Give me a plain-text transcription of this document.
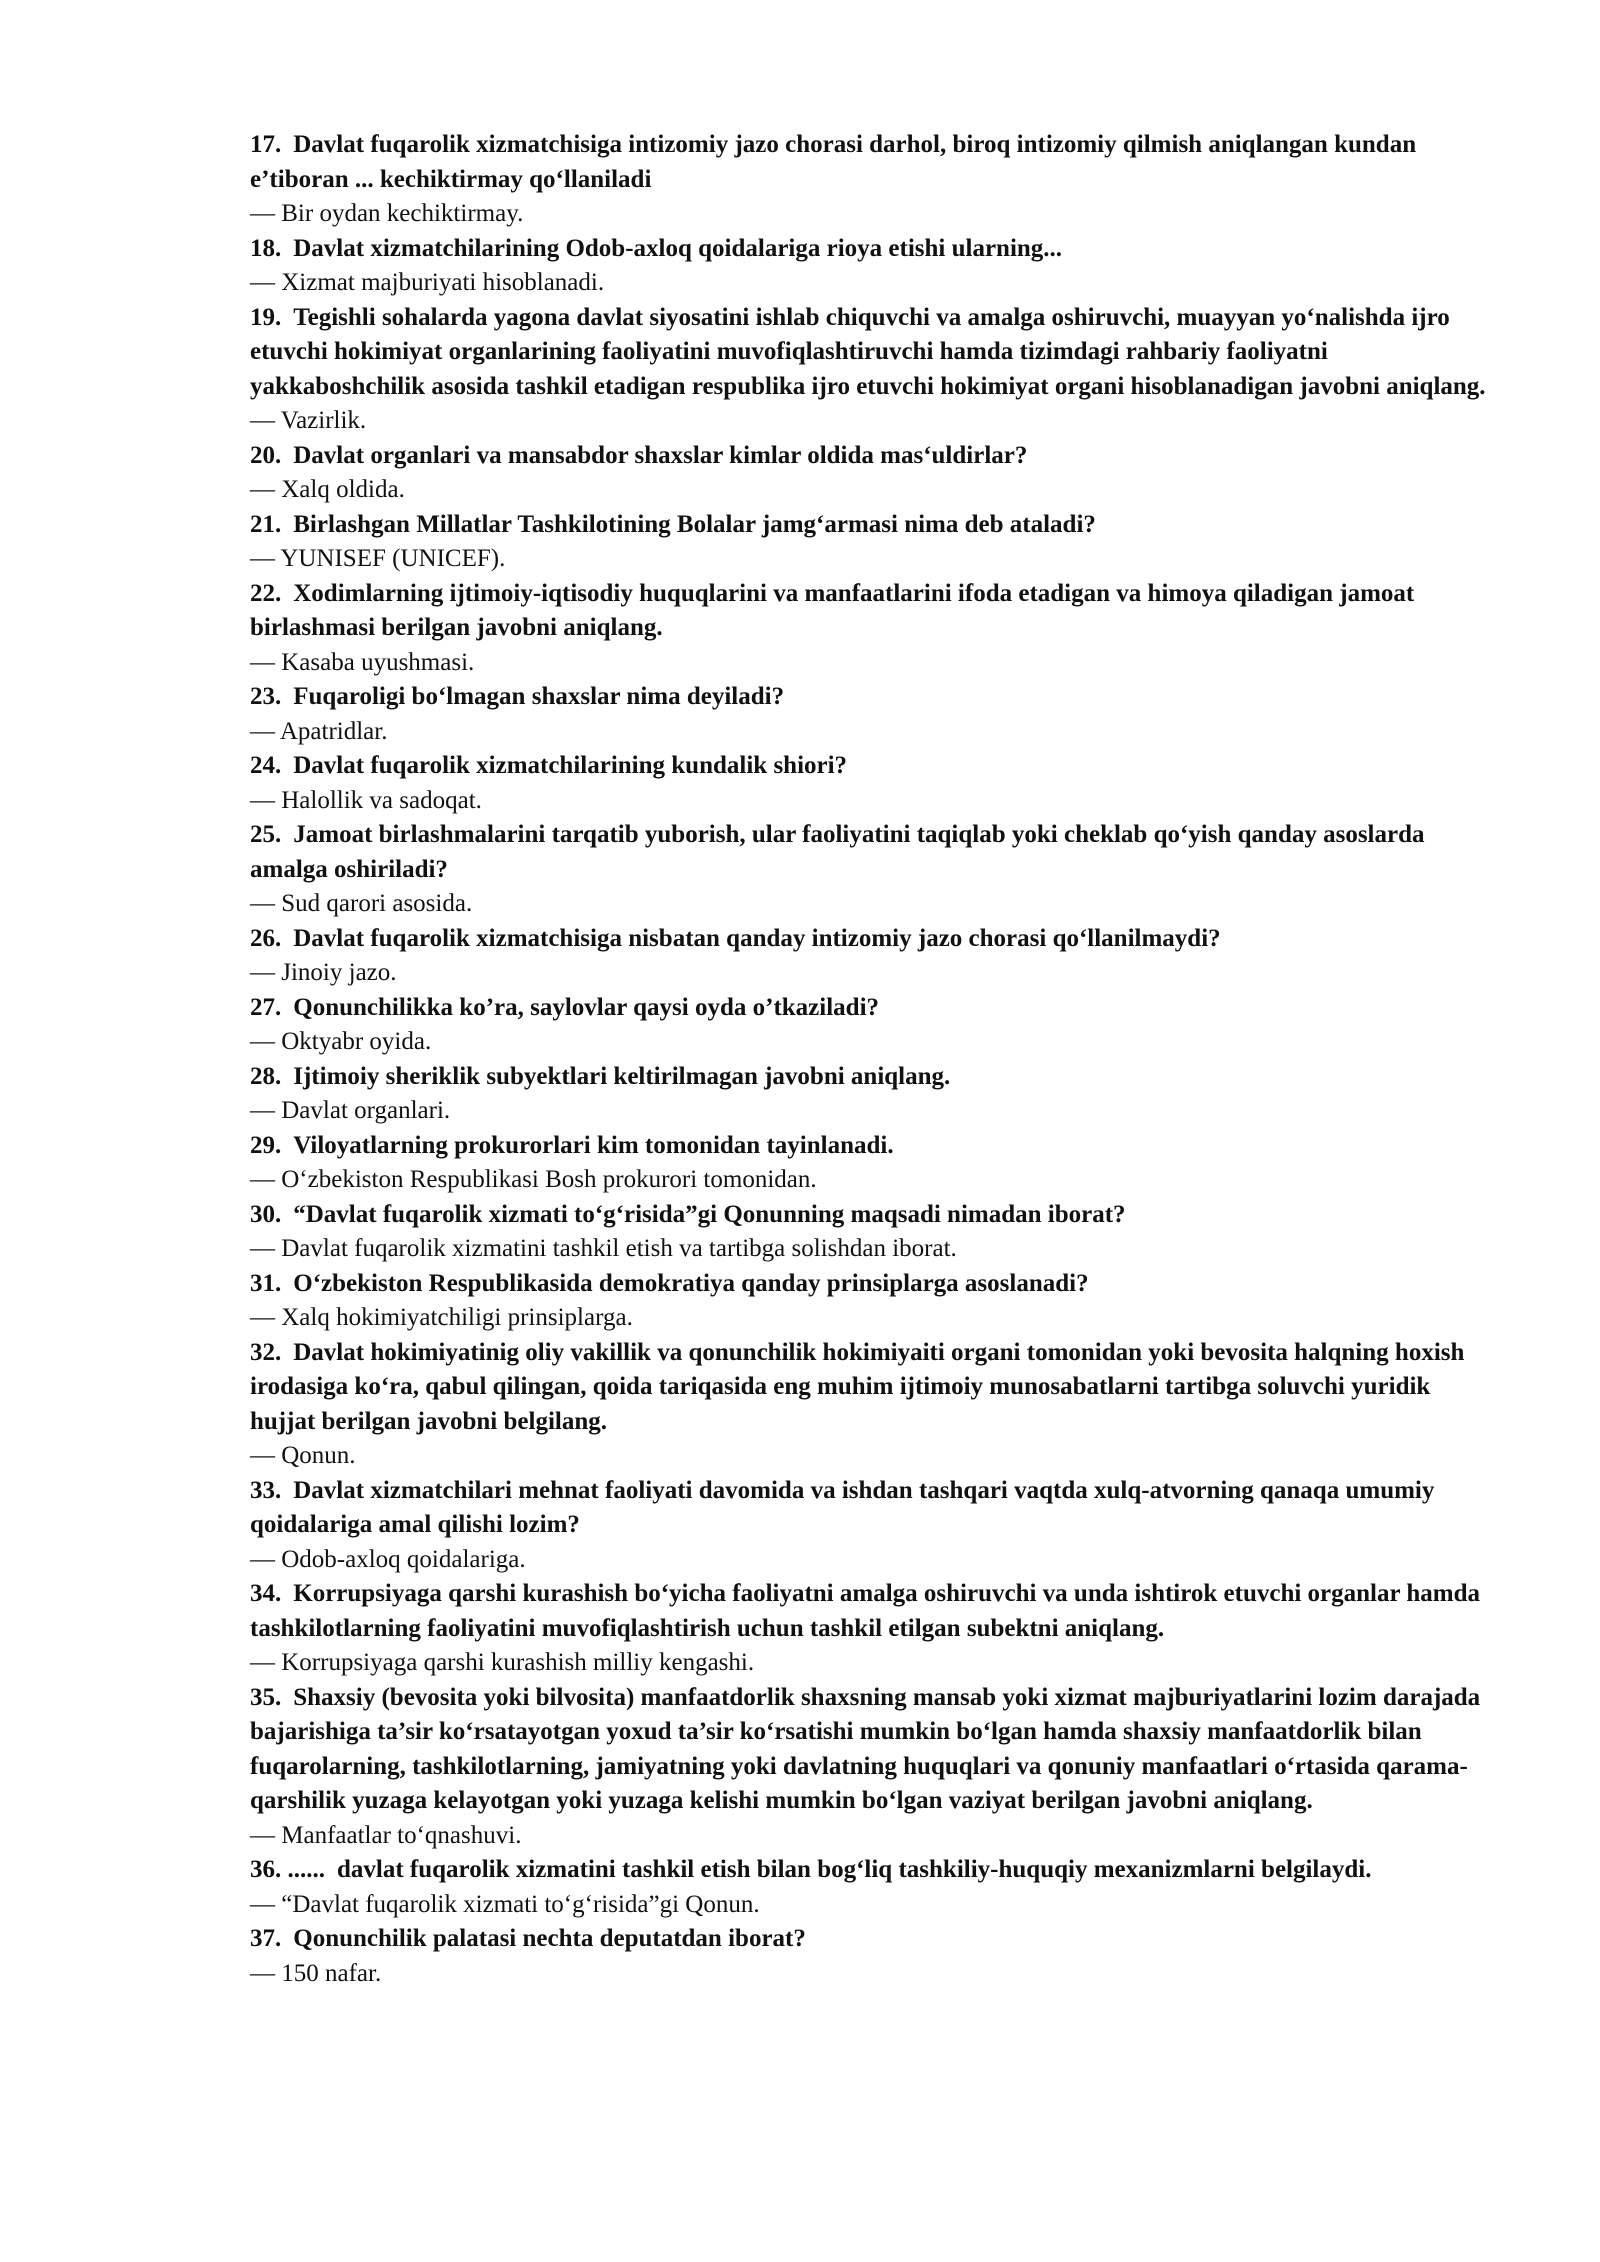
17. Davlat fuqarolik xizmatchisiga intizomiy jazo chorasi darhol, biroq intizomiy qilmish aniqlangan kundan e’tiboran ... kechiktirmay qo‘llaniladi

— Bir oydan kechiktirmay.

18. Davlat xizmatchilarining Odob-axloq qoidalariga rioya etishi ularning...

— Xizmat majburiyati hisoblanadi.

19. Tegishli sohalarda yagona davlat siyosatini ishlab chiquvchi va amalga oshiruvchi, muayyan yo‘nalishda ijro etuvchi hokimiyat organlarining faoliyatini muvofiqlashtiruvchi hamda tizimdagi rahbariy faoliyatni yakkaboshchilik asosida tashkil etadigan respublika ijro etuvchi hokimiyat organi hisoblanadigan javobni aniqlang.

— Vazirlik.

20. Davlat organlari va mansabdor shaxslar kimlar oldida mas‘uldirlar?

— Xalq oldida.

21. Birlashgan Millatlar Tashkilotining Bolalar jamg‘armasi nima deb ataladi?

— YUNISEF (UNICEF).

22. Xodimlarning ijtimoiy-iqtisodiy huquqlarini va manfaatlarini ifoda etadigan va himoya qiladigan jamoat birlashmasi berilgan javobni aniqlang.

— Kasaba uyushmasi.

23. Fuqaroligi bo‘lmagan shaxslar nima deyiladi?

— Apatridlar.

24. Davlat fuqarolik xizmatchilarining kundalik shiori?

— Halollik va sadoqat.

25. Jamoat birlashmalarini tarqatib yuborish, ular faoliyatini taqiqlab yoki cheklab qo‘yish qanday asoslarda amalga oshiriladi?

— Sud qarori asosida.

26. Davlat fuqarolik xizmatchisiga nisbatan qanday intizomiy jazo chorasi qo‘llanilmaydi?

— Jinoiy jazo.

27. Qonunchilikka ko’ra, saylovlar qaysi oyda o’tkaziladi?

— Oktyabr oyida.

28. Ijtimoiy sheriklik subyektlari keltirilmagan javobni aniqlang.

— Davlat organlari.

29. Viloyatlarning prokurorlari kim tomonidan tayinlanadi.

— O‘zbekiston Respublikasi Bosh prokurori tomonidan.

30. “Davlat fuqarolik xizmati to‘g‘risida”gi Qonunning maqsadi nimadan iborat?

— Davlat fuqarolik xizmatini tashkil etish va tartibga solishdan iborat.

31. O‘zbekiston Respublikasida demokratiya qanday prinsiplarga asoslanadi?

— Xalq hokimiyatchiligi prinsiplarga.

32. Davlat hokimiyatinig oliy vakillik va qonunchilik hokimiyaiti organi tomonidan yoki bevosita halqning hoxish irodasiga ko‘ra, qabul qilingan, qoida tariqasida eng muhim ijtimoiy munosabatlarni tartibga soluvchi yuridik hujjat berilgan javobni belgilang.

— Qonun.

33. Davlat xizmatchilari mehnat faoliyati davomida va ishdan tashqari vaqtda xulq-atvorning qanaqa umumiy qoidalariga amal qilishi lozim?

— Odob-axloq qoidalariga.

34. Korrupsiyaga qarshi kurashish bo‘yicha faoliyatni amalga oshiruvchi va unda ishtirok etuvchi organlar hamda tashkilotlarning faoliyatini muvofiqlashtirish uchun tashkil etilgan subektni aniqlang.

— Korrupsiyaga qarshi kurashish milliy kengashi.

35. Shaxsiy (bevosita yoki bilvosita) manfaatdorlik shaxsning mansab yoki xizmat majburiyatlarini lozim darajada bajarishiga ta’sir ko‘rsatayotgan yoxud ta’sir ko‘rsatishi mumkin bo‘lgan hamda shaxsiy manfaatdorlik bilan fuqarolarning, tashkilotlarning, jamiyatning yoki davlatning huquqlari va qonuniy manfaatlari o‘rtasida qarama-qarshilik yuzaga kelayotgan yoki yuzaga kelishi mumkin bo‘lgan vaziyat berilgan javobni aniqlang.

— Manfaatlar to‘qnashuvi.

36. ...... davlat fuqarolik xizmatini tashkil etish bilan bog‘liq tashkiliy-huquqiy mexanizmlarni belgilaydi.

— “Davlat fuqarolik xizmati to‘g‘risida”gi Qonun.

37. Qonunchilik palatasi nechta deputatdan iborat?

— 150 nafar.
